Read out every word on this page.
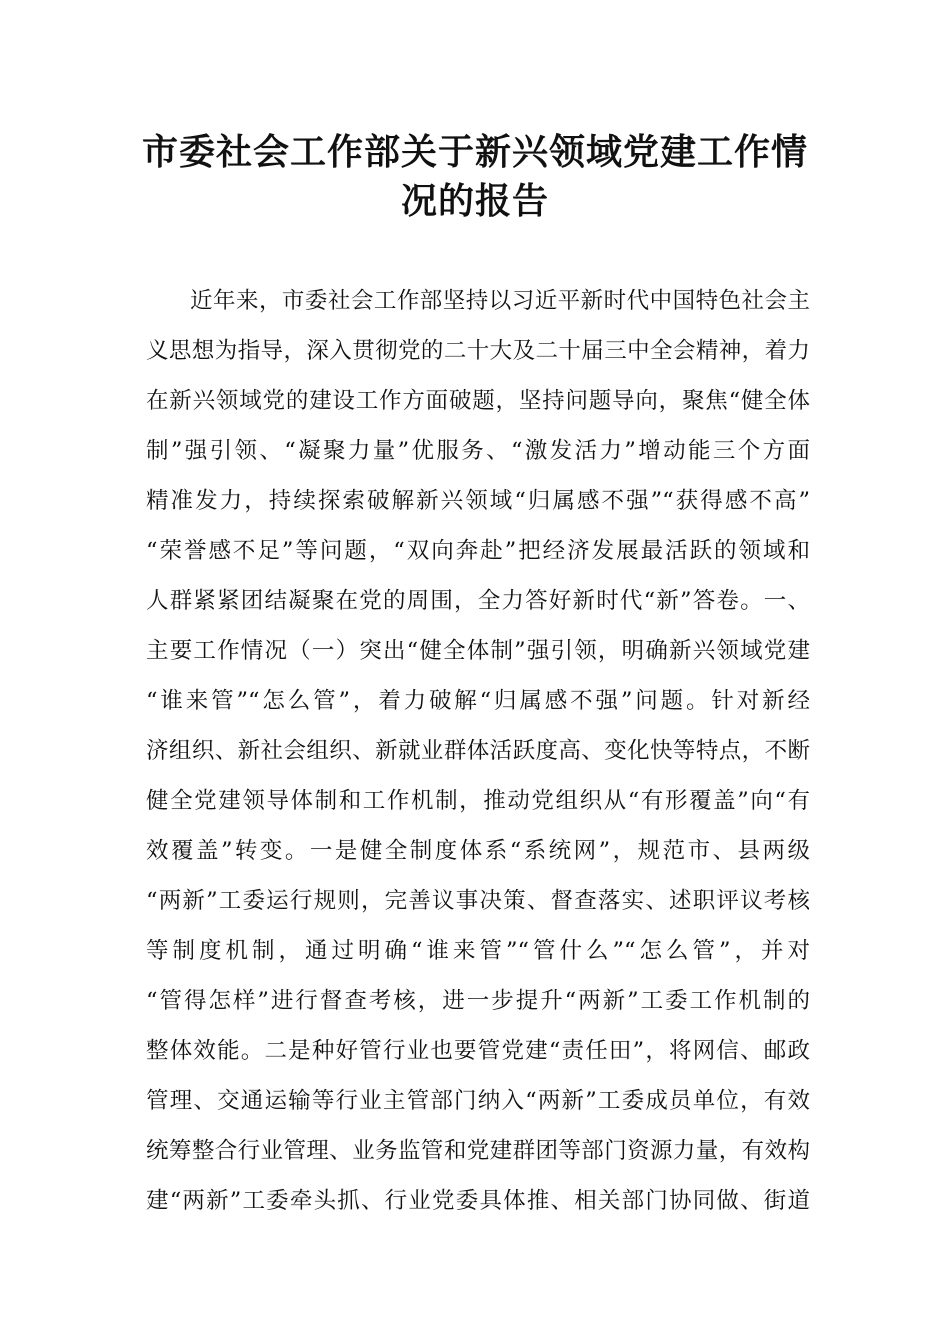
市委社会工作部关于新兴领域党建工作情
况的报告
近年来，市委社会工作部坚持以习近平新时代中国特色社会主
义思想为指导，深入贯彻党的二十大及二十届三中全会精神，着力
在新兴领域党的建设工作方面破题，坚持问题导向，聚焦“健全体
制”强引领、“凝聚力量”优服务、“激发活力”增动能三个方面
精准发力，持续探索破解新兴领域“归属感不强”“获得感不高”
“荣誉感不足”等问题，“双向奔赴”把经济发展最活跃的领域和
人群紧紧团结凝聚在党的周围，全力答好新时代“新”答卷。一、
主要工作情况（一）突出“健全体制”强引领，明确新兴领域党建
“谁来管”“怎么管”，着力破解“归属感不强”问题。针对新经
济组织、新社会组织、新就业群体活跃度高、变化快等特点，不断
健全党建领导体制和工作机制，推动党组织从“有形覆盖”向“有
效覆盖”转变。一是健全制度体系“系统网”，规范市、县两级
“两新”工委运行规则，完善议事决策、督查落实、述职评议考核
等制度机制，通过明确“谁来管”“管什么”“怎么管”，并对
“管得怎样”进行督查考核，进一步提升“两新”工委工作机制的
整体效能。二是种好管行业也要管党建“责任田”，将网信、邮政
管理、交通运输等行业主管部门纳入“两新”工委成员单位，有效
统筹整合行业管理、业务监管和党建群团等部门资源力量，有效构
建“两新”工委牵头抓、行业党委具体推、相关部门协同做、街道
